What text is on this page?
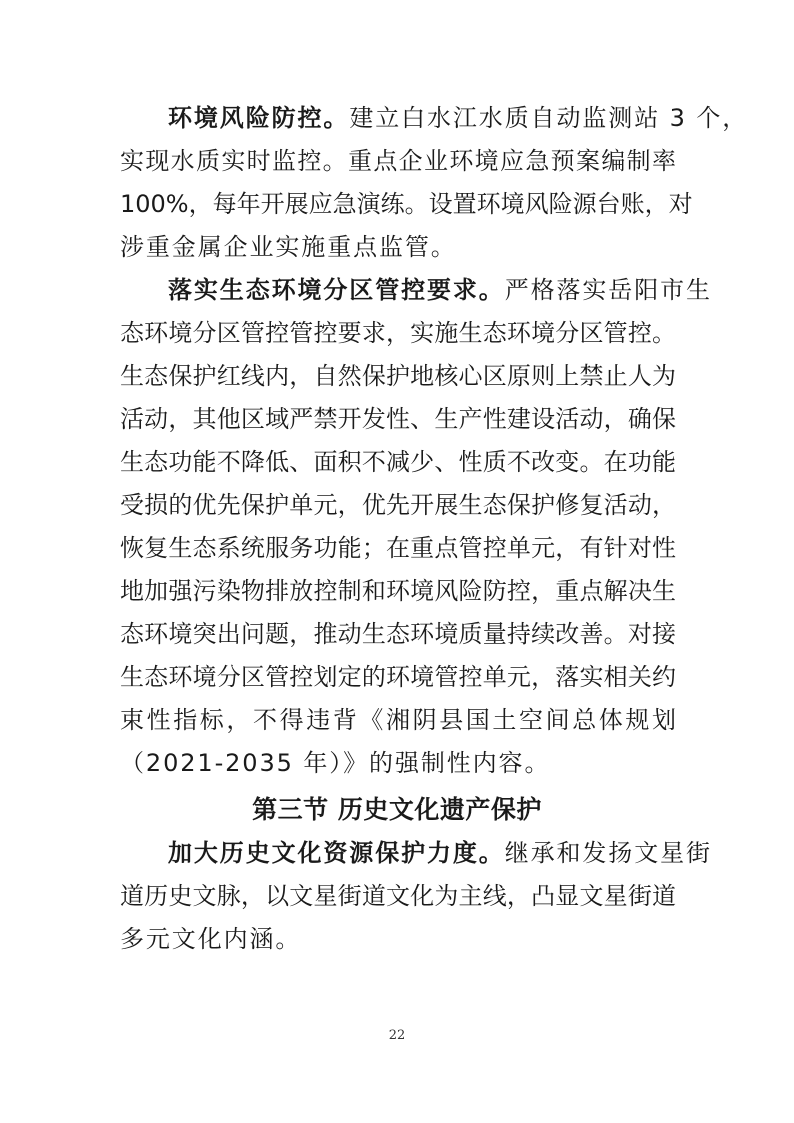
环境风险防控。建立白水江水质自动监测站 3 个，
实现水质实时监控。重点企业环境应急预案编制率
100%，每年开展应急演练。设置环境风险源台账，对
涉重金属企业实施重点监管。
落实生态环境分区管控要求。严格落实岳阳市生
态环境分区管控管控要求，实施生态环境分区管控。
生态保护红线内，自然保护地核心区原则上禁止人为
活动，其他区域严禁开发性、生产性建设活动，确保
生态功能不降低、面积不减少、性质不改变。在功能
受损的优先保护单元，优先开展生态保护修复活动，
恢复生态系统服务功能；在重点管控单元，有针对性
地加强污染物排放控制和环境风险防控，重点解决生
态环境突出问题，推动生态环境质量持续改善。对接
生态环境分区管控划定的环境管控单元，落实相关约
束性指标，不得违背《湘阴县国土空间总体规划
（2021-2035 年）》的强制性内容。
第三节 历史文化遗产保护
加大历史文化资源保护力度。继承和发扬文星街
道历史文脉，以文星街道文化为主线，凸显文星街道
多元文化内涵。
22
